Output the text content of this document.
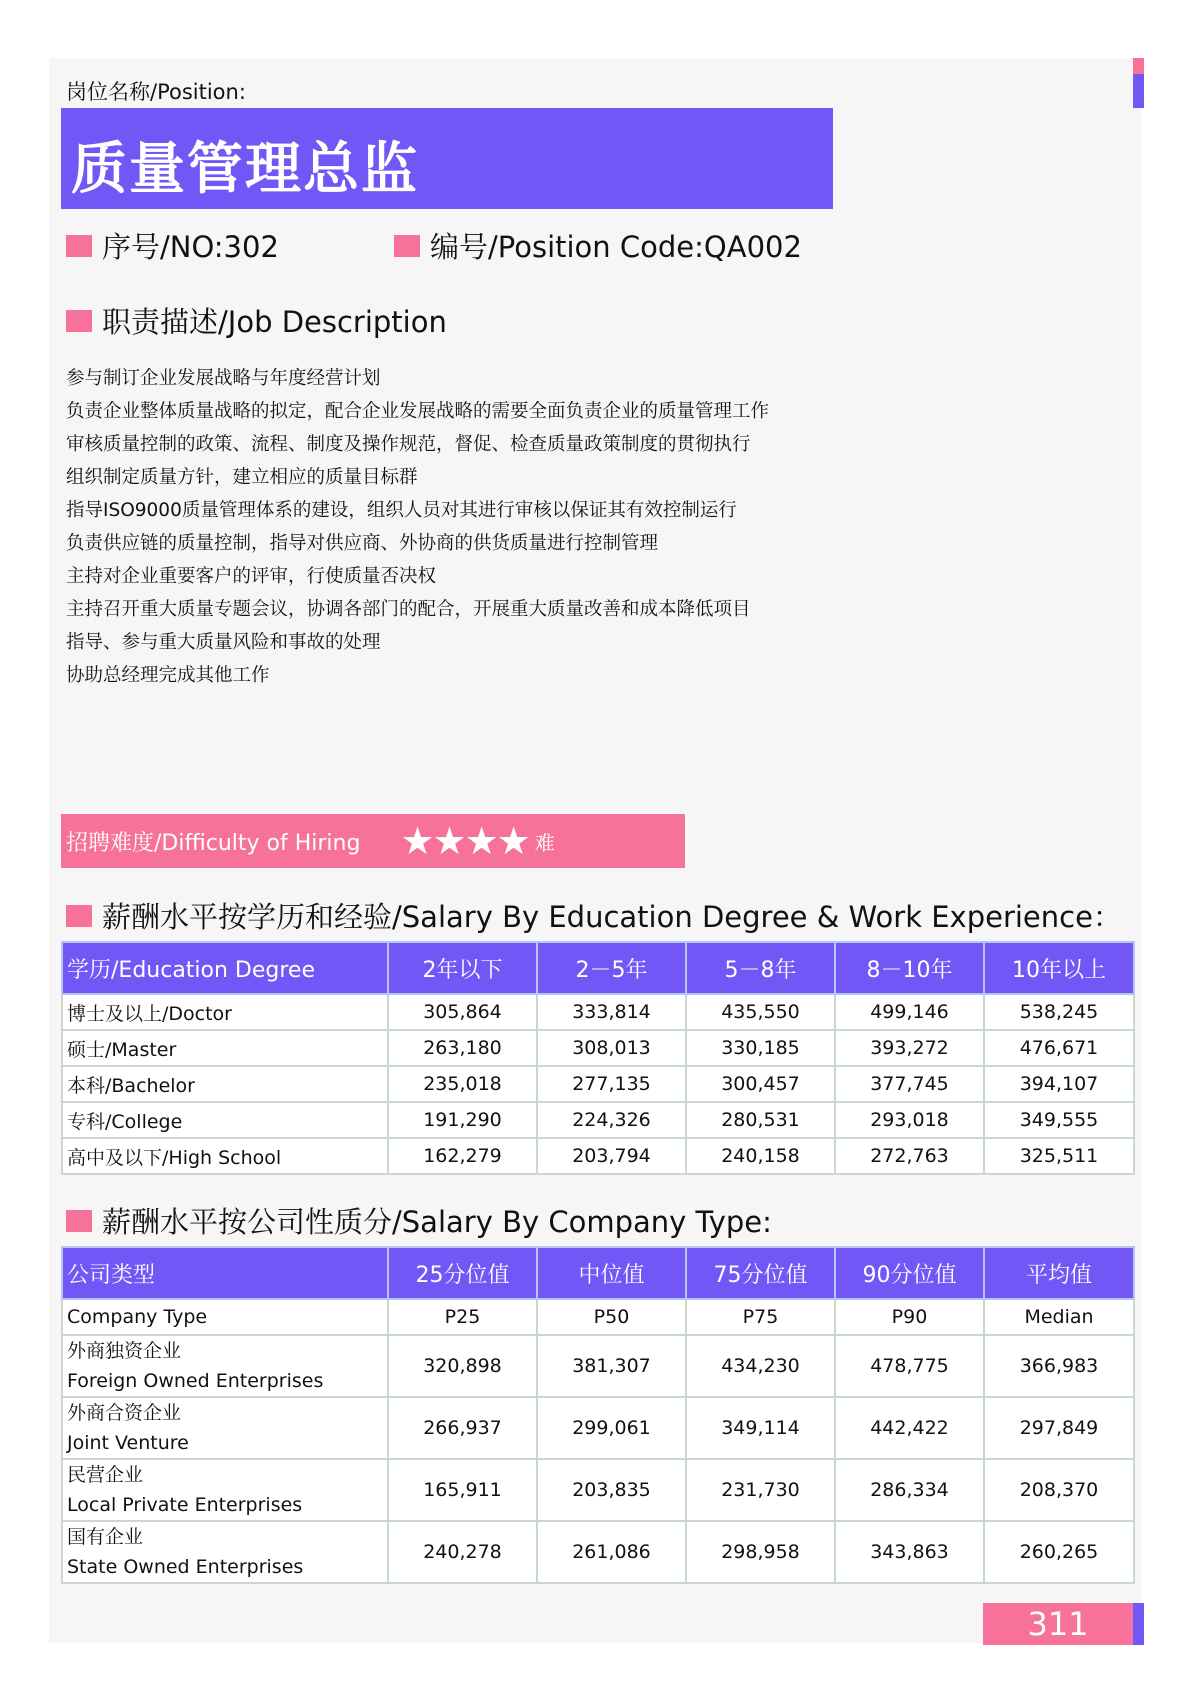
岗位名称/Position:
质量管理总监
序号/NO:302	编号/Position Code:QA002
职责描述/Job Description
参与制订企业发展战略与年度经营计划
负责企业整体质量战略的拟定，配合企业发展战略的需要全面负责企业的质量管理工作
审核质量控制的政策、流程、制度及操作规范，督促、检查质量政策制度的贯彻执行
组织制定质量方针，建立相应的质量目标群
指导ISO9000质量管理体系的建设，组织人员对其进行审核以保证其有效控制运行
负责供应链的质量控制，指导对供应商、外协商的供货质量进行控制管理
主持对企业重要客户的评审，行使质量否决权
主持召开重大质量专题会议，协调各部门的配合，开展重大质量改善和成本降低项目
指导、参与重大质量风险和事故的处理
协助总经理完成其他工作
招聘难度/Difficulty of Hiring ★★★★ 难
薪酬水平按学历和经验/Salary By Education Degree & Work Experience：
学历/Education Degree	2年以下	2－5年	5－8年	8－10年	10年以上
博士及以上/Doctor	305,864	333,814	435,550	499,146	538,245
硕士/Master	263,180	308,013	330,185	393,272	476,671
本科/Bachelor	235,018	277,135	300,457	377,745	394,107
专科/College	191,290	224,326	280,531	293,018	349,555
高中及以下/High School	162,279	203,794	240,158	272,763	325,511
薪酬水平按公司性质分/Salary By Company Type:
公司类型	25分位值	中位值	75分位值	90分位值	平均值
Company Type	P25	P50	P75	P90	Median

外商独资企业
Foreign Owned Enterprises	320,898	381,307	434,230	478,775	366,983

外商合资企业
Joint Venture	266,937	299,061	349,114	442,422	297,849

民营企业
Local Private Enterprises	165,911	203,835	231,730	286,334	208,370

国有企业
State Owned Enterprises	240,278	261,086	298,958	343,863	260,265
311
